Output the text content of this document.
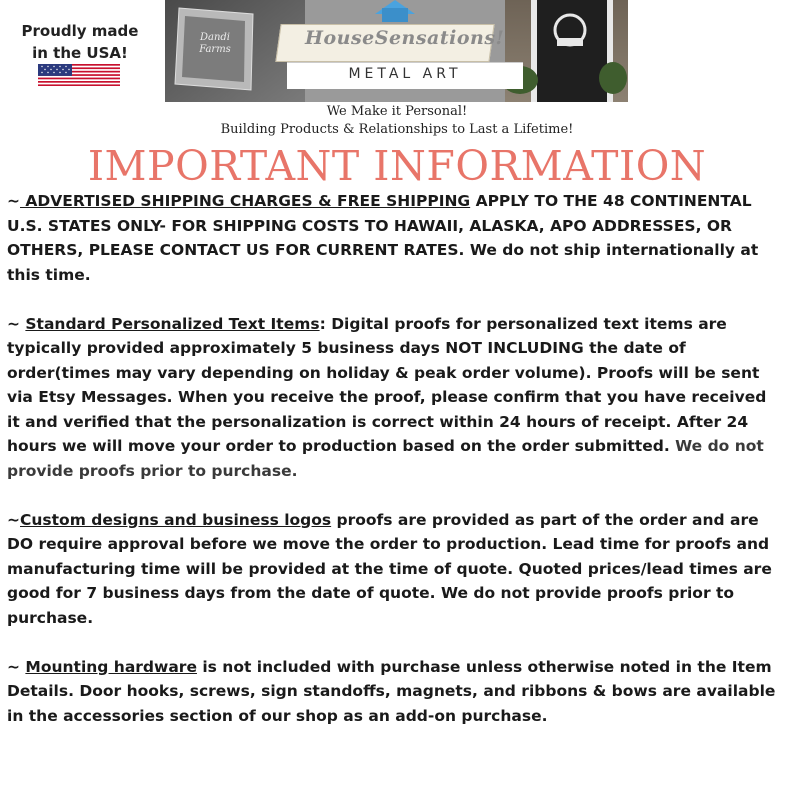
Proudly made
in the USA!
HouseSensations!
METAL ART
Dandi
Farms
We Make it Personal!
Building Products & Relationships to Last a Lifetime!
IMPORTANT INFORMATION

~ ADVERTISED SHIPPING CHARGES & FREE SHIPPING APPLY TO THE 48 CONTINENTAL U.S. STATES ONLY- FOR SHIPPING COSTS TO HAWAII, ALASKA, APO ADDRESSES, OR OTHERS, PLEASE CONTACT US FOR CURRENT RATES. We do not ship internationally at this time.

~ Standard Personalized Text Items: Digital proofs for personalized text items are typically provided approximately 5 business days NOT INCLUDING the date of order(times may vary depending on holiday & peak order volume). Proofs will be sent via Etsy Messages. When you receive the proof, please confirm that you have received it and verified that the personalization is correct within 24 hours of receipt. After 24 hours we will move your order to production based on the order submitted. We do not provide proofs prior to purchase.

~Custom designs and business logos proofs are provided as part of the order and are DO require approval before we move the order to production. Lead time for proofs and manufacturing time will be provided at the time of quote. Quoted prices/lead times are good for 7 business days from the date of quote. We do not provide proofs prior to purchase.

~ Mounting hardware is not included with purchase unless otherwise noted in the Item Details. Door hooks, screws, sign standoffs, magnets, and ribbons & bows are available in the accessories section of our shop as an add-on purchase.
